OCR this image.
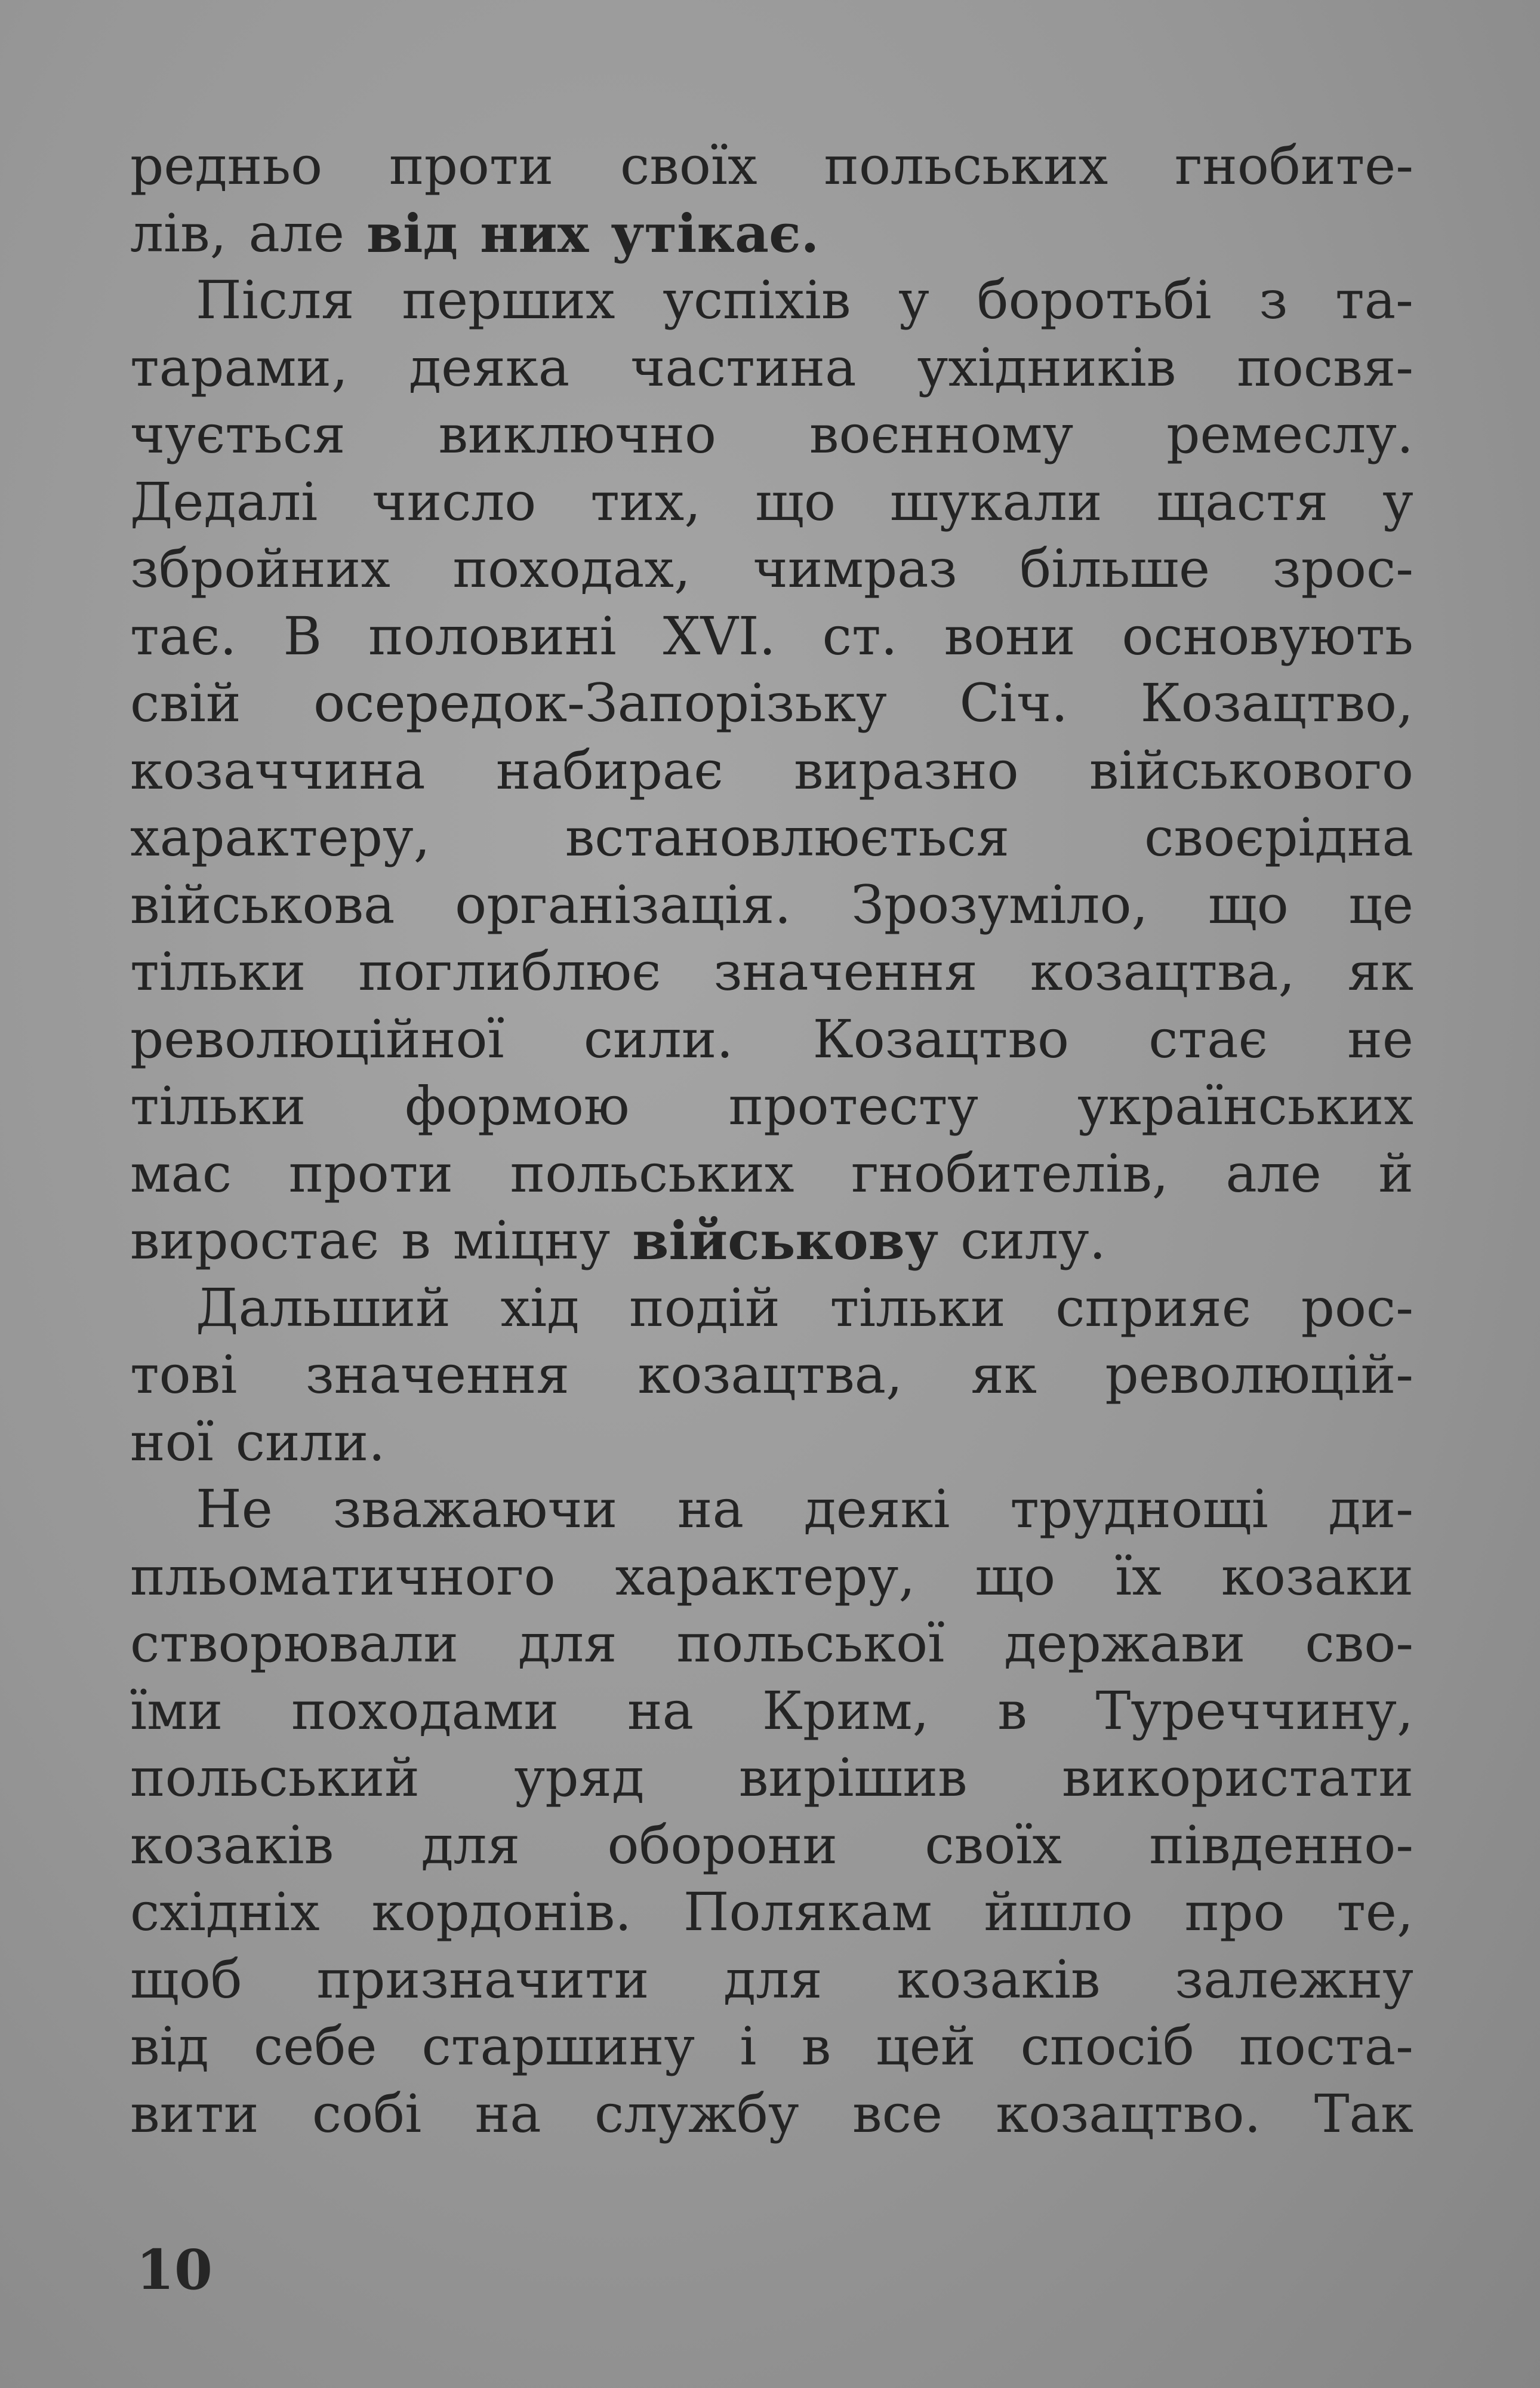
редньо проти своїх польських гнобите-
лів, але від них утікає.
Після перших успіхів у боротьбі з та-
тарами, деяка частина ухідників посвя-
чується виключно воєнному ремеслу.
Дедалі число тих, що шукали щастя у
збройних походах, чимраз більше зрос-
тає. В половині XVI. ст. вони основують
свій осередок-Запорізьку Січ. Козацтво,
козаччина набирає виразно військового
характеру,	встановлюється	своєрідна
військова організація. Зрозуміло, що це
тільки поглиблює значення козацтва, як
революційної сили. Козацтво стає не
тільки формою протесту українських
мас проти польських гнобителів, але й
виростає в міцну військову силу.
Дальший хід подій тільки сприяє рос-
тові значення козацтва, як революцій-
ної сили.
Не зважаючи на деякі труднощі ди-
пльоматичного характеру, що їх козаки
створювали для польської держави сво-
їми походами на Крим, в Туреччину,
польський уряд вирішив використати
козаків для оборони своїх південно-
східніх кордонів. Полякам йшло про те,
щоб призначити для козаків залежну
від себе старшину і в цей спосіб поста-
вити собі на службу все козацтво. Так
10
